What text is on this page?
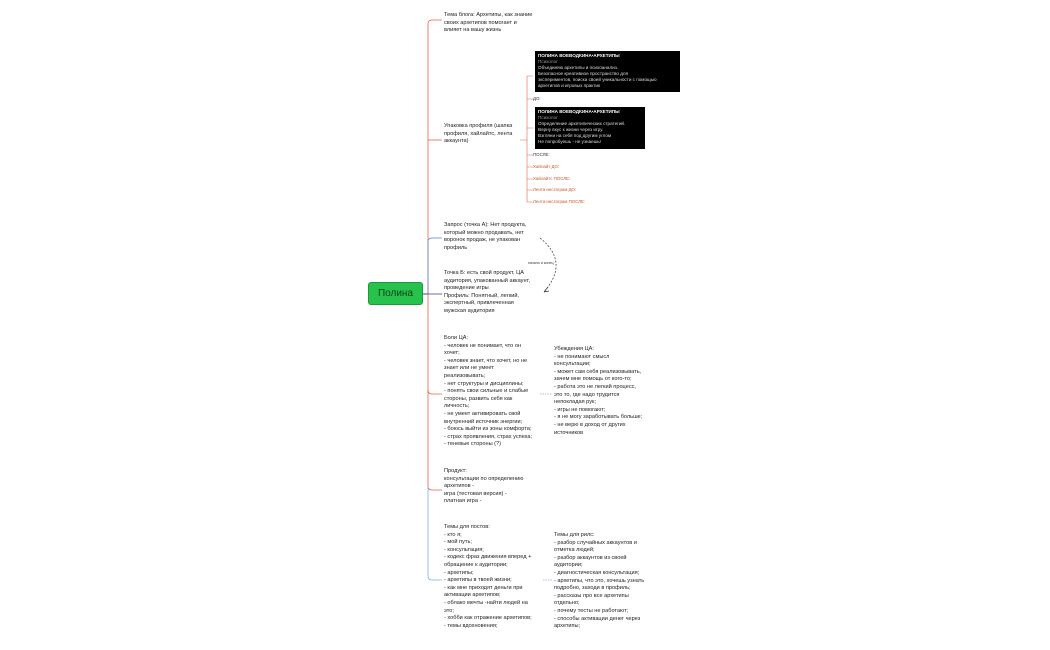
Полина
Тема блога: Архетипы, как знание
своих архетипов помогает и
влияет на вашу жизнь
Упаковка профиля (шапка
профиля, хайлайтс, лента
аккаунта)
ПОЛИНА ВОЕВОДКИНА•АРХЕТИПЫ
Психолог
Объединяю архетипы и психоанализ.
Безопасное креативное пространство для
экспериментов, поиска своей уникальности с помощью
архетипов и игровых практик
ДО:
ПОЛИНА ВОЕВОДКИНА•АРХЕТИПЫ
Психолог
Определение архетипических стратегий.
Верну вкус к жизни через игру.
Взгляни на себя под другим углом
Не попробуешь - не узнаешь!
ПОСЛЕ:
Хайлайт ДО:
Хайлайтс ПОСЛЕ:
Лента инстаграм ДО:
Лента инстаграм ПОСЛЕ:
Запрос (точка А): Нет продукта,
который можно продавать, нет
воронок продаж, не упакован
профиль
начало и конец
Точка Б: есть свой продукт, ЦА
аудитория, упакованный аккаунт,
проведение игры
Профиль: Понятный, легкий,
экспертный, привлеченная
мужская аудитория
Боли ЦА:
- человек не понимает, что он
хочет;
- человек знает, что хочет, но не
знает или не умеет
реализовывать;
- нет структуры и дисциплины;
- понять свои сильные и слабые
стороны, развить себя как
личность;
- не умеет активировать свой
внутренний источник энергии;
- боюсь выйти из зоны комфорта;
- страх проявления, страх успеха;
- теневые стороны (?)
Убеждения ЦА:
- не понимают смысл
консультации;
- может сам себя реализовывать,
зачем мне помощь от кого-то;
- работа это не легкий процесс,
это то, где надо трудится
непокладая рук;
- игры не помогают;
- я не могу заработывать больше;
- не верю в доход от других
источников
Продукт:
консультации по определению
архетипов -
игра (тестовая версия) -
платная игра -
Темы для постов:
- кто я;
- мой путь;
- консультация;
- кодекс фраз движения вперед +
обращение к аудитории;
- архетипы;
- архетипы в твоей жизни;
- как мне приходят деньги при
активации архетипов;
- облако мечты -найти людей на
это;
- хобби как отражение архетипов;
- темы вдохновения;
Темы для рилс:
- разбор случайных аккаунтов и
отметка людей;
- разбор аккаунтов из своей
аудитории;
- диагностическая консультация;
- архетипы, что это, хочешь узнать
подробно, заходи в профиль;
- рассказы про все архетипы
отдельно;
- почему тесты не работают;
- способы активации денег через
архетипы;
